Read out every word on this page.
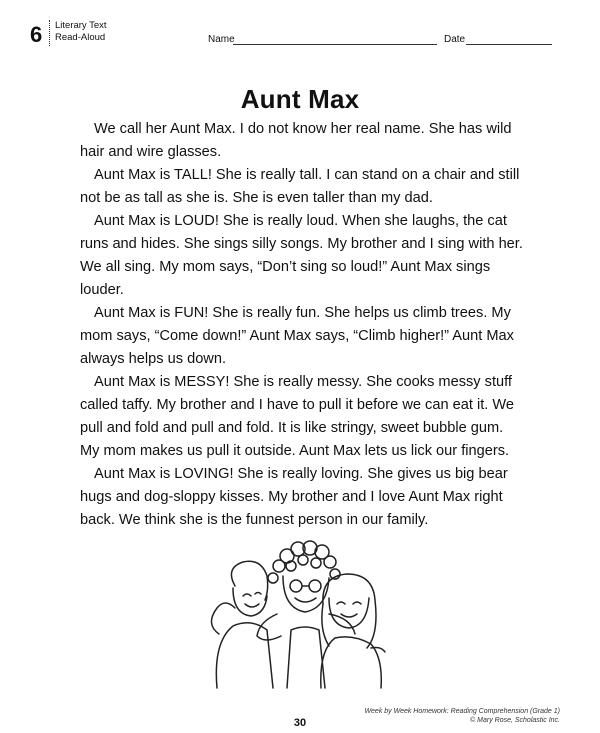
6 Literary Text
Read-Aloud	Name	Date
Aunt Max

We call her Aunt Max. I do not know her real name. She has wild hair and wire glasses.

Aunt Max is TALL! She is really tall. I can stand on a chair and still not be as tall as she is. She is even taller than my dad.

Aunt Max is LOUD! She is really loud. When she laughs, the cat runs and hides. She sings silly songs. My brother and I sing with her. We all sing. My mom says, “Don’t sing so loud!” Aunt Max sings louder.

Aunt Max is FUN! She is really fun. She helps us climb trees. My mom says, “Come down!” Aunt Max says, “Climb higher!” Aunt Max always helps us down.

Aunt Max is MESSY! She is really messy. She cooks messy stuff called taffy. My brother and I have to pull it before we can eat it. We pull and fold and pull and fold. It is like stringy, sweet bubble gum. My mom makes us pull it outside. Aunt Max lets us lick our fingers.

Aunt Max is LOVING! She is really loving. She gives us big bear hugs and dog-sloppy kisses. My brother and I love Aunt Max right back. We think she is the funnest person in our family.

Week by Week Homework: Reading Comprehension (Grade 1)
© Mary Rose, Scholastic Inc.
30
